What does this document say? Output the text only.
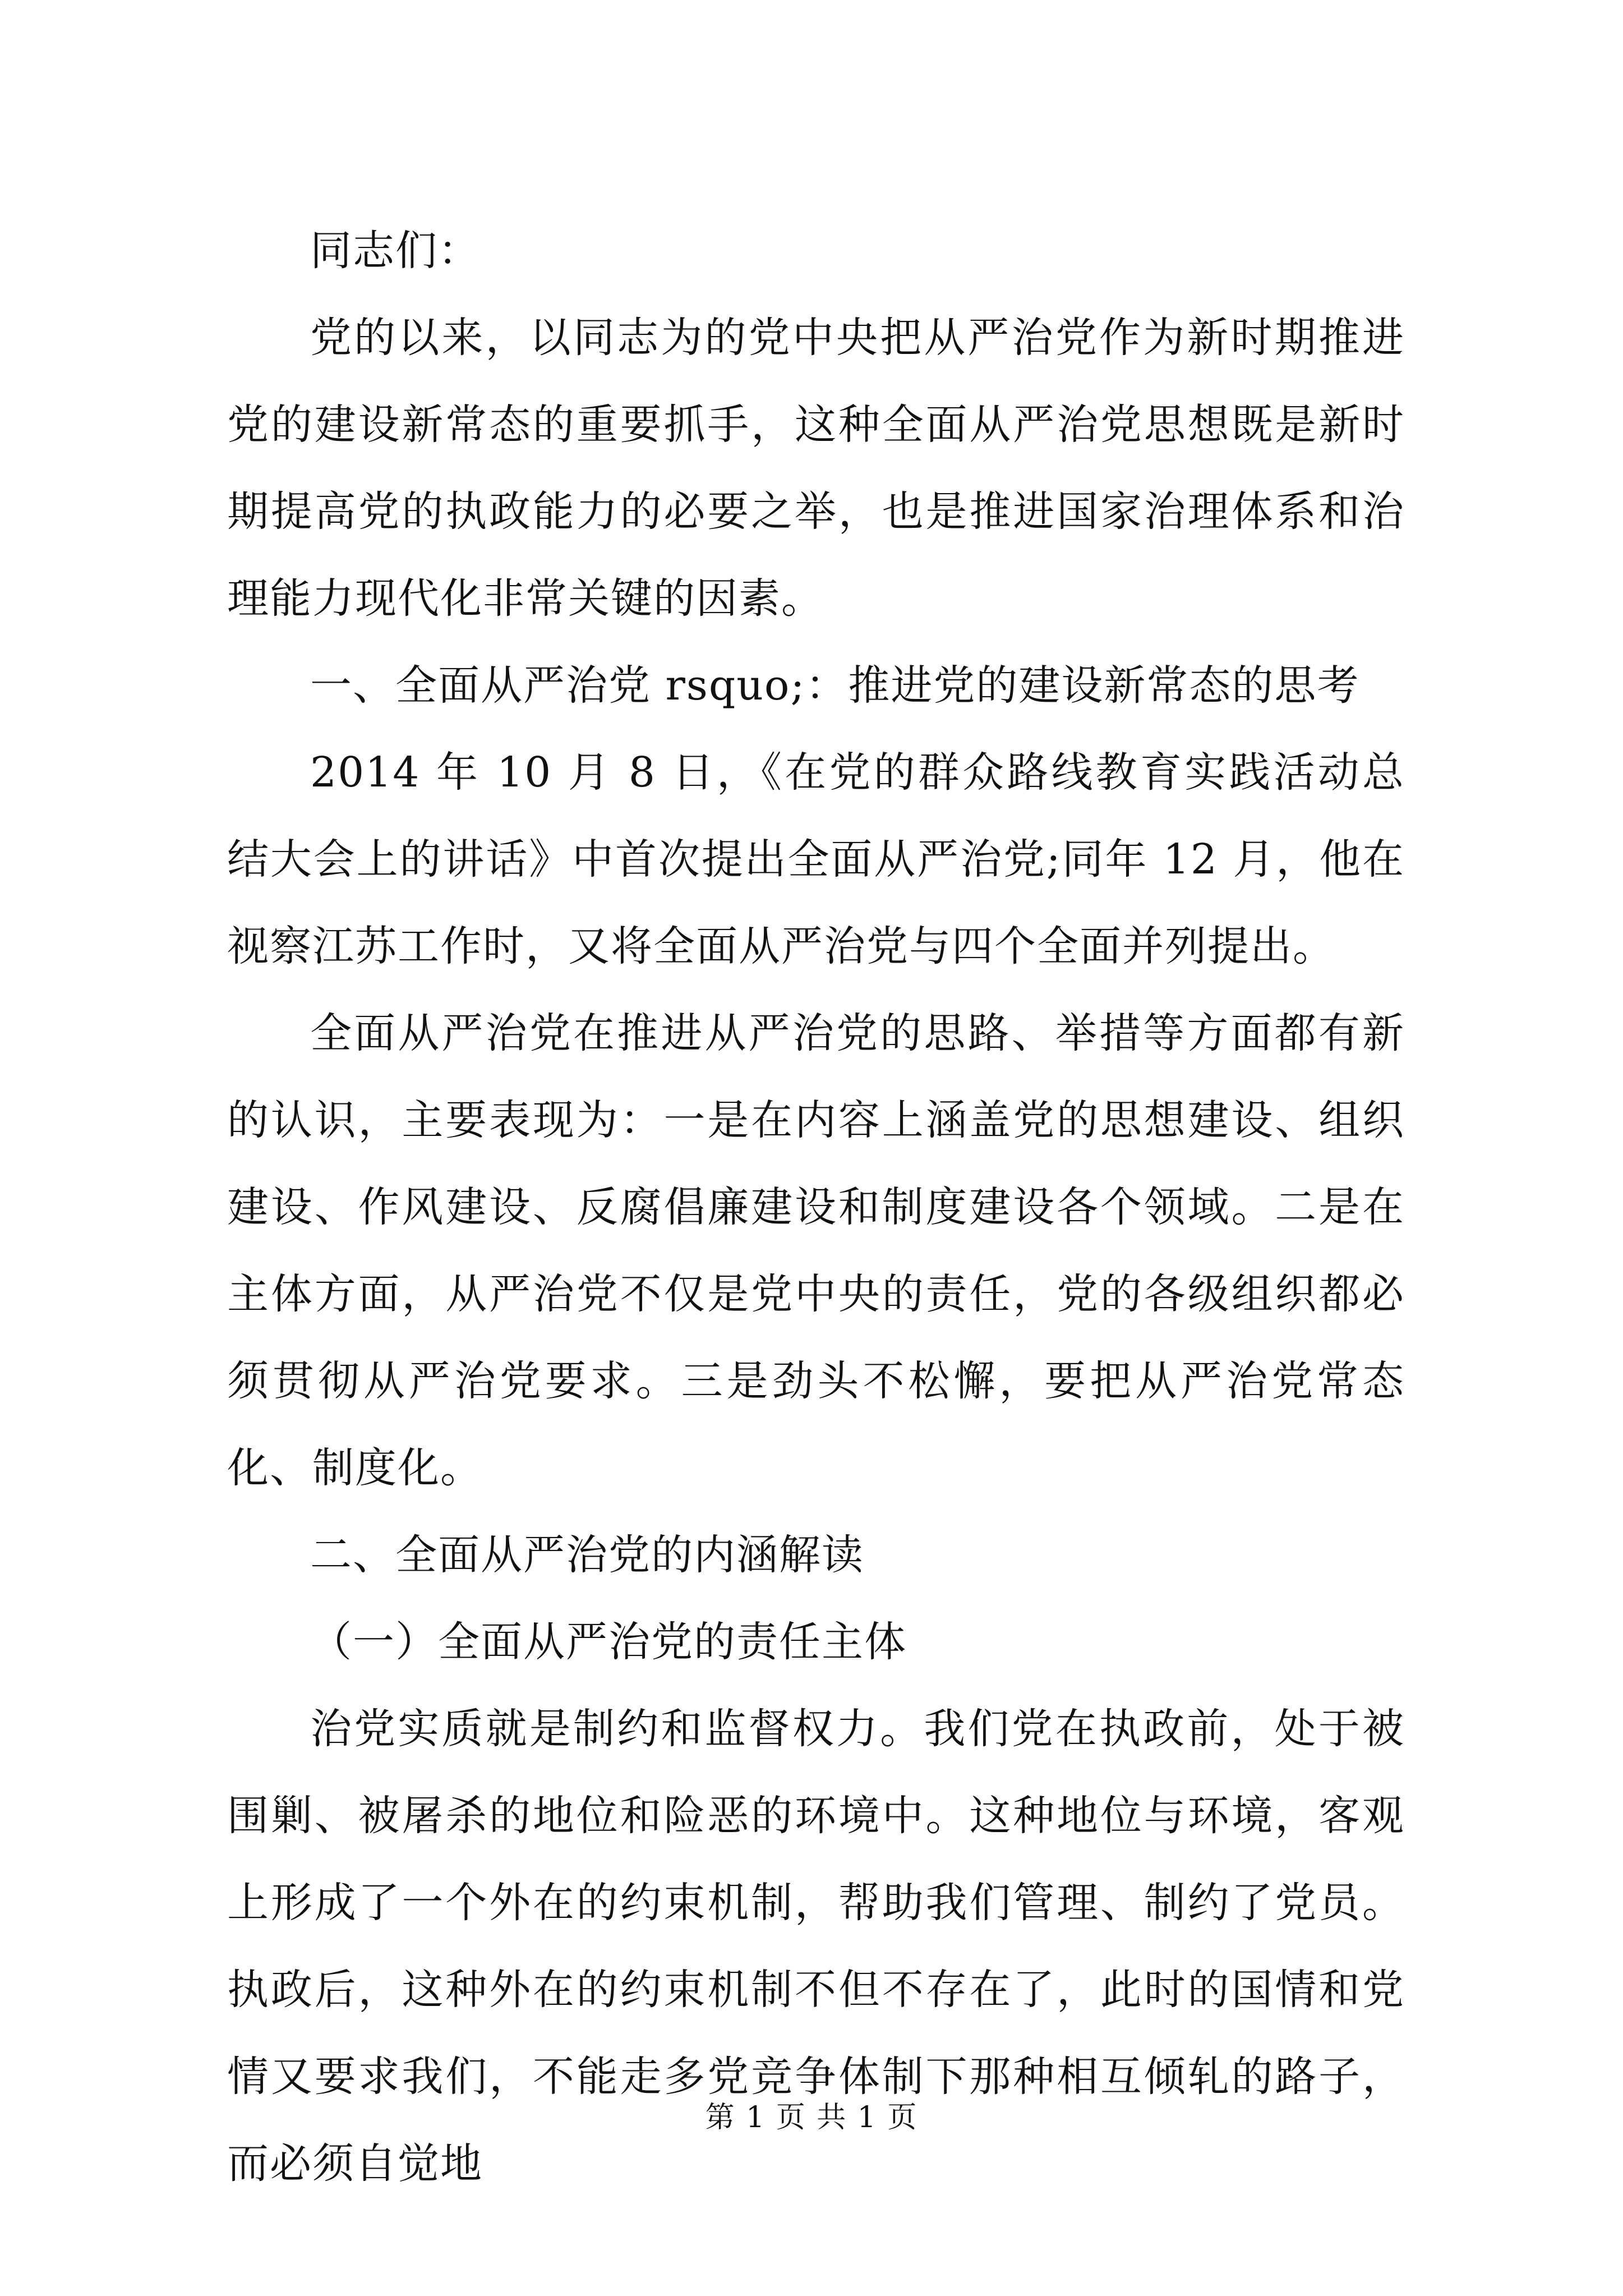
同志们：

党的以来，以同志为的党中央把从严治党作为新时期推进党的建设新常态的重要抓手，这种全面从严治党思想既是新时期提高党的执政能力的必要之举，也是推进国家治理体系和治理能力现代化非常关键的因素。

一、全面从严治党 rsquo;：推进党的建设新常态的思考

2014 年 10 月 8 日，《在党的群众路线教育实践活动总结大会上的讲话》中首次提出全面从严治党;同年 12 月，他在视察江苏工作时，又将全面从严治党与四个全面并列提出。

全面从严治党在推进从严治党的思路、举措等方面都有新的认识，主要表现为：一是在内容上涵盖党的思想建设、组织建设、作风建设、反腐倡廉建设和制度建设各个领域。二是在主体方面，从严治党不仅是党中央的责任，党的各级组织都必须贯彻从严治党要求。三是劲头不松懈，要把从严治党常态化、制度化。

二、全面从严治党的内涵解读

（一）全面从严治党的责任主体

治党实质就是制约和监督权力。我们党在执政前，处于被围剿、被屠杀的地位和险恶的环境中。这种地位与环境，客观上形成了一个外在的约束机制，帮助我们管理、制约了党员。执政后，这种外在的约束机制不但不存在了，此时的国情和党情又要求我们，不能走多党竞争体制下那种相互倾轧的路子，而必须自觉地

第 1 页 共 1 页
